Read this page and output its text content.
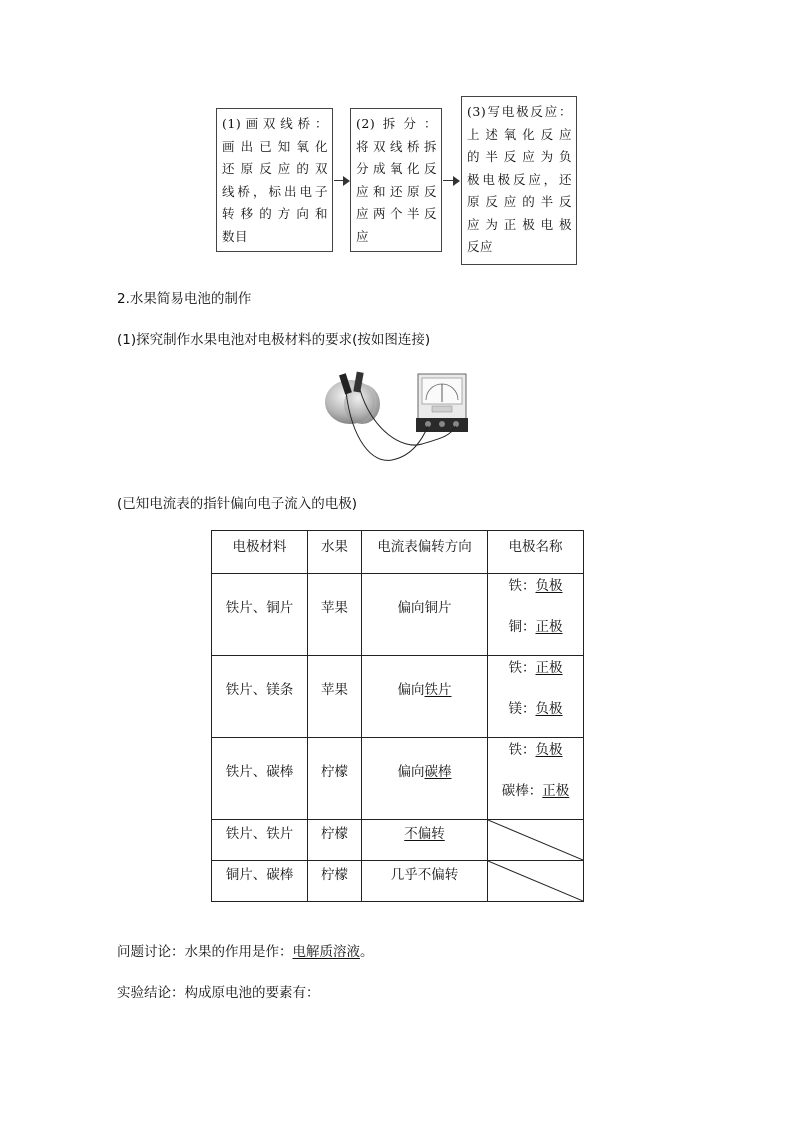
(1)画双线桥：
画出已知氧化
还原反应的双
线桥，标出电子
转移的方向和
数目
(2)拆分：
将双线桥拆
分成氧化反
应和还原反
应两个半反
应
(3)写电极反应：
上述氧化反应
的半反应为负
极电极反应，还
原反应的半反
应为正极电极
反应
2.水果简易电池的制作
(1)探究制作水果电池对电极材料的要求(按如图连接)
(已知电流表的指针偏向电子流入的电极)
电极材料	水果	电流表偏转方向	电极名称

铁片、铜片	苹果	偏向铜片	铁：负极
铜：正极

铁片、镁条	苹果	偏向铁片	铁：正极
镁：负极

铁片、碳棒	柠檬	偏向碳棒	铁：负极
碳棒：正极

铁片、铁片	柠檬	不偏转

铜片、碳棒	柠檬	几乎不偏转

问题讨论：水果的作用是作：电解质溶液。
实验结论：构成原电池的要素有：
